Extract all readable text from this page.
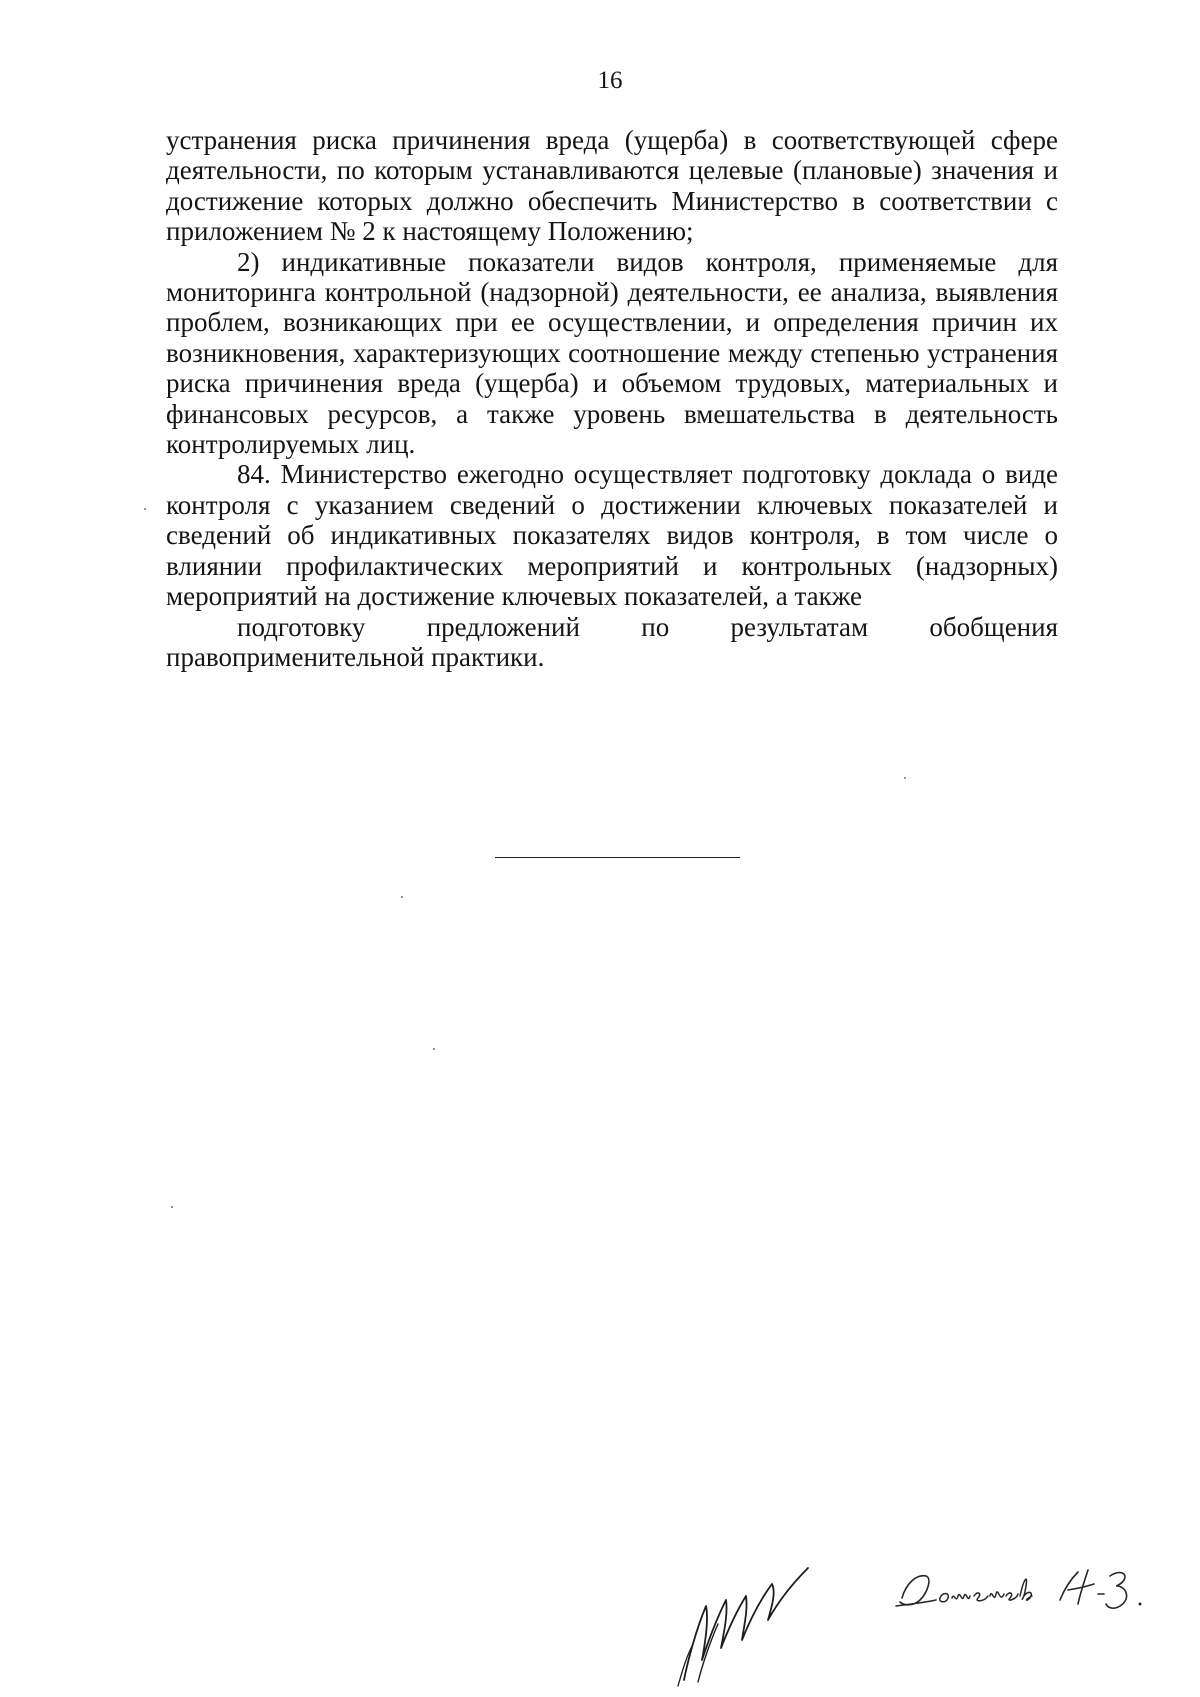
16

устранения риска причинения вреда (ущерба) в соответствующей сфере деятельности, по которым устанавливаются целевые (плановые) значения и достижение которых должно обеспечить Министерство в соответствии с приложением № 2 к настоящему Положению;

2) индикативные показатели видов контроля, применяемые для мониторинга контрольной (надзорной) деятельности, ее анализа, выявления проблем, возникающих при ее осуществлении, и определения причин их возникновения, характеризующих соотношение между степенью устранения риска причинения вреда (ущерба) и объемом трудовых, материальных и финансовых ресурсов, а также уровень вмешательства в деятельность контролируемых лиц.

84. Министерство ежегодно осуществляет подготовку доклада о виде контроля с указанием сведений о достижении ключевых показателей и сведений об индикативных показателях видов контроля, в том числе о влиянии профилактических мероприятий и контрольных (надзорных) мероприятий на достижение ключевых показателей, а также
подготовку предложений по результатам обобщения
правоприменительной практики.
